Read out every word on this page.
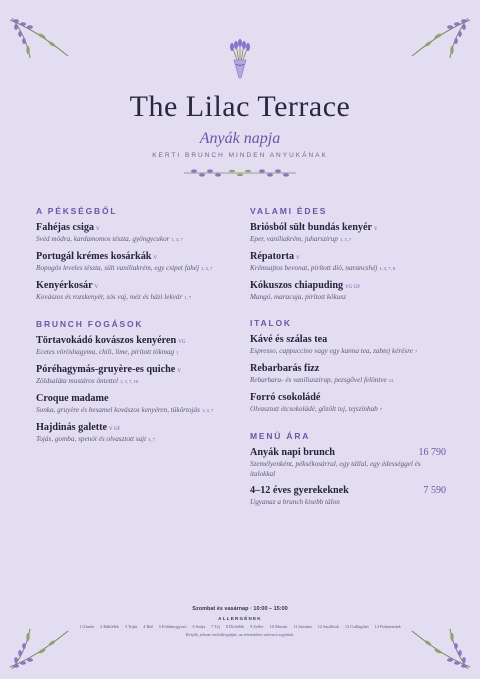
The Lilac Terrace
Anyák napja
KERTI BRUNCH MINDEN ANYUKÁNAK
A PÉKSÉGBŐL
Fahéjas csiga V
Svéd módra, kardamomos tészta, gyöngycukor 1, 3, 7
Portugál krémes kosárkák V
Ropogós leveles tészta, sült vaníliakrém, egy csipet fahéj 1, 3, 7
Kenyérkosár V
Kovászos és rozskenyér, sós vaj, méz és házi lekvár 1, 7
BRUNCH FOGÁSOK
Törtavokádó kovászos kenyéren VG
Ecetes vöröshagyma, chili, lime, pirított tökmag 1
Póréhagymás-gruyère-es quiche V
Zöldsaláta mustáros öntettel 1, 3, 7, 10
Croque madame
Sonka, gruyère és besamel kovászos kenyéren, tükörtojás 1, 3, 7
Hajdinás galette V GF
Tojás, gomba, spenót és olvasztott sajt 3, 7
VALAMI ÉDES
Briósból sült bundás kenyér V
Eper, vaníliakrém, juharszirup 1, 3, 7
Répatorta V
Krémsajtos bevonat, pirított dió, narancshéj 1, 3, 7, 8
Kókuszos chiapuding VG GF
Mangó, maracuja, pirított kókusz
ITALOK
Kávé és szálas tea
Espresso, cappuccino vagy egy kanna tea, zabtej kérésre 7
Rebarbarás fizz
Rebarbara- és vaníliaszirup, pezsgővel felöntve 12
Forró csokoládé
Olvasztott étcsokoládé, gőzölt tej, tejszínhab 7
MENÜ ÁRA
Anyák napi brunch	16 790
Személyenként, péksékosárral, egy tállal, egy édességgel és italokkal
4–12 éves gyerekeknek	7 590
Ugyanaz a brunch kisebb tálon
Szombat és vasárnap · 10:00 – 15:00
ALLERGÉNEK
1 Glutén 2 Rákfélék 3 Tojás 4 Hal 5 Földimogyoró 6 Szója 7 Tej 8 Diófélék 9 Zeller 10 Mustár 11 Szezám 12 Szulfitok 13 Csillagfürt 14 Puhatestűek
Kérjük, jelezze ételallergiáját, az étteremben szívesen segítünk.
